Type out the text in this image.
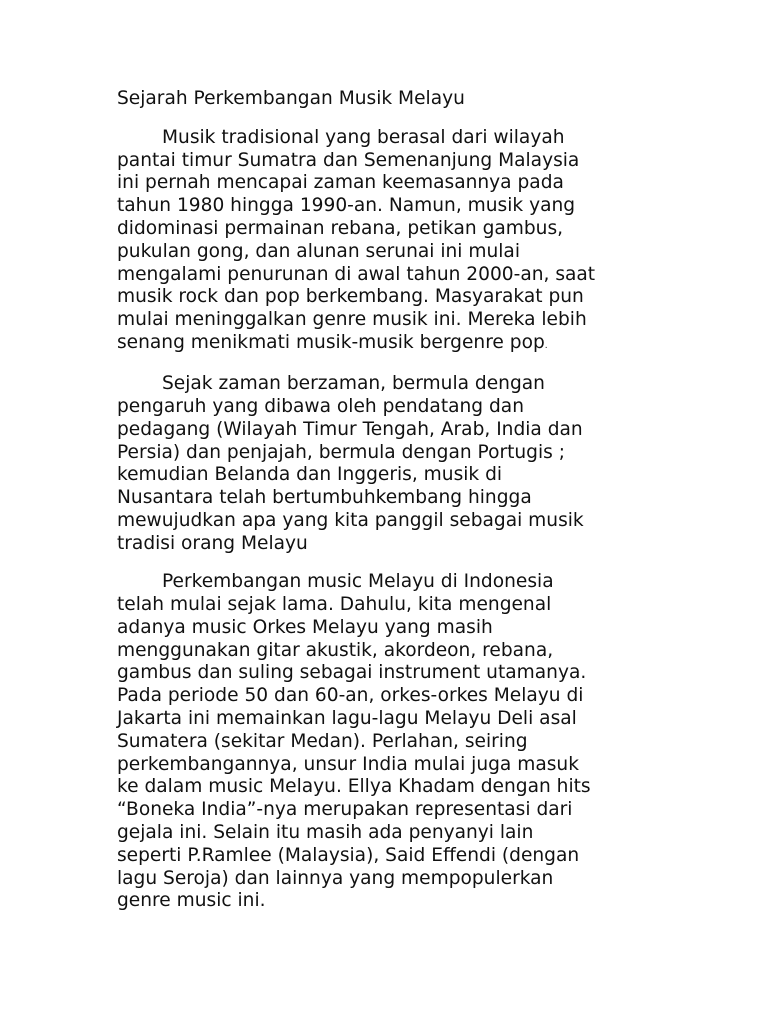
Sejarah Perkembangan Musik Melayu

Musik tradisional yang berasal dari wilayah
pantai timur Sumatra dan Semenanjung Malaysia
ini pernah mencapai zaman keemasannya pada
tahun 1980 hingga 1990-an. Namun, musik yang
didominasi permainan rebana, petikan gambus,
pukulan gong, dan alunan serunai ini mulai
mengalami penurunan di awal tahun 2000-an, saat
musik rock dan pop berkembang. Masyarakat pun
mulai meninggalkan genre musik ini. Mereka lebih
senang menikmati musik-musik bergenre pop.

Sejak zaman berzaman, bermula dengan
pengaruh yang dibawa oleh pendatang dan
pedagang (Wilayah Timur Tengah, Arab, India dan
Persia) dan penjajah, bermula dengan Portugis ;
kemudian Belanda dan Inggeris, musik di
Nusantara telah bertumbuhkembang hingga
mewujudkan apa yang kita panggil sebagai musik
tradisi orang Melayu

Perkembangan music Melayu di Indonesia
telah mulai sejak lama. Dahulu, kita mengenal
adanya music Orkes Melayu yang masih
menggunakan gitar akustik, akordeon, rebana,
gambus dan suling sebagai instrument utamanya.
Pada periode 50 dan 60-an, orkes-orkes Melayu di
Jakarta ini memainkan lagu-lagu Melayu Deli asal
Sumatera (sekitar Medan). Perlahan, seiring
perkembangannya, unsur India mulai juga masuk
ke dalam music Melayu. Ellya Khadam dengan hits
“Boneka India”-nya merupakan representasi dari
gejala ini. Selain itu masih ada penyanyi lain
seperti P.Ramlee (Malaysia), Said Effendi (dengan
lagu Seroja) dan lainnya yang mempopulerkan
genre music ini.
